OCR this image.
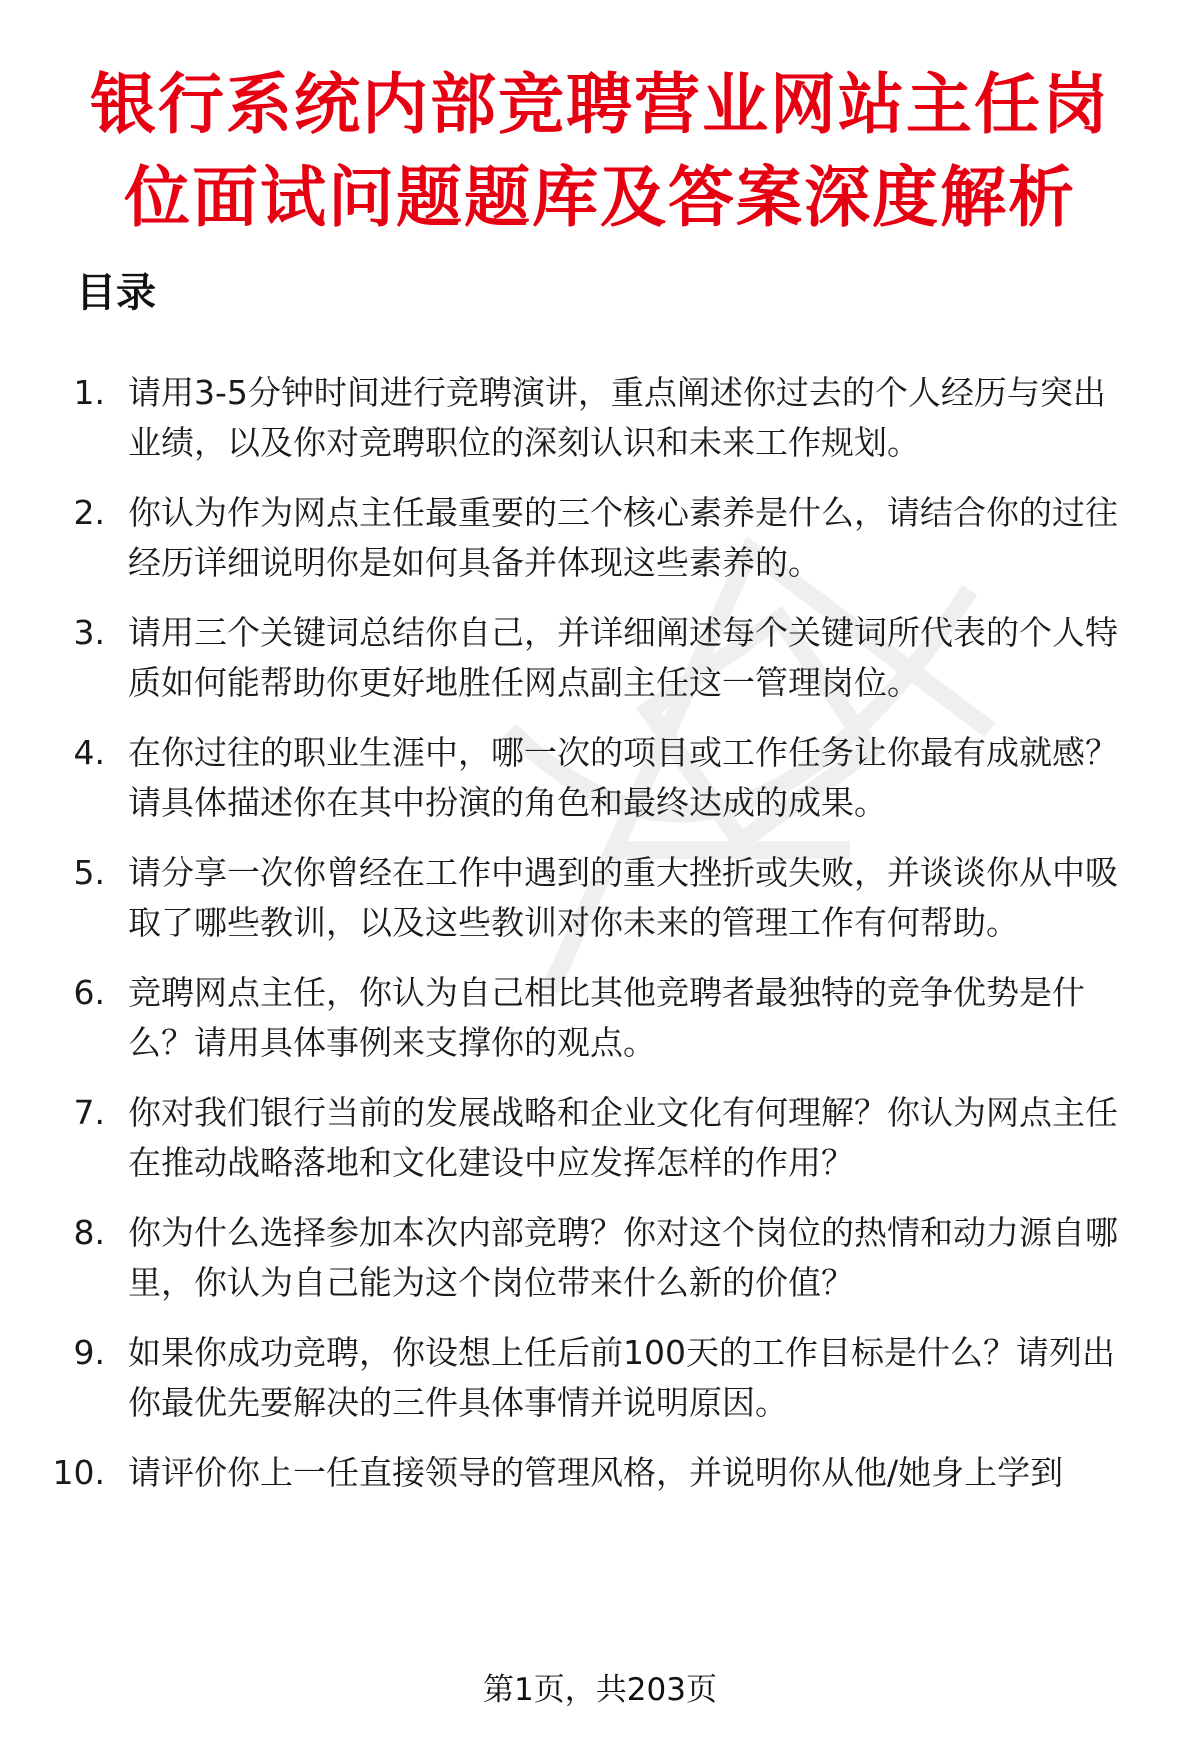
银行系统内部竞聘营业网站主任岗
位面试问题题库及答案深度解析
目录
1. 请用3-5分钟时间进行竞聘演讲，重点阐述你过去的个人经历与突出业绩，以及你对竞聘职位的深刻认识和未来工作规划。
2. 你认为作为网点主任最重要的三个核心素养是什么，请结合你的过往经历详细说明你是如何具备并体现这些素养的。
3. 请用三个关键词总结你自己，并详细阐述每个关键词所代表的个人特质如何能帮助你更好地胜任网点副主任这一管理岗位。
4. 在你过往的职业生涯中，哪一次的项目或工作任务让你最有成就感？请具体描述你在其中扮演的角色和最终达成的成果。
5. 请分享一次你曾经在工作中遇到的重大挫折或失败，并谈谈你从中吸取了哪些教训，以及这些教训对你未来的管理工作有何帮助。
6. 竞聘网点主任，你认为自己相比其他竞聘者最独特的竞争优势是什么？请用具体事例来支撑你的观点。
7. 你对我们银行当前的发展战略和企业文化有何理解？你认为网点主任在推动战略落地和文化建设中应发挥怎样的作用？
8. 你为什么选择参加本次内部竞聘？你对这个岗位的热情和动力源自哪里，你认为自己能为这个岗位带来什么新的价值？
9. 如果你成功竞聘，你设想上任后前100天的工作目标是什么？请列出你最优先要解决的三件具体事情并说明原因。
10. 请评价你上一任直接领导的管理风格，并说明你从他/她身上学到
第1页，共203页
